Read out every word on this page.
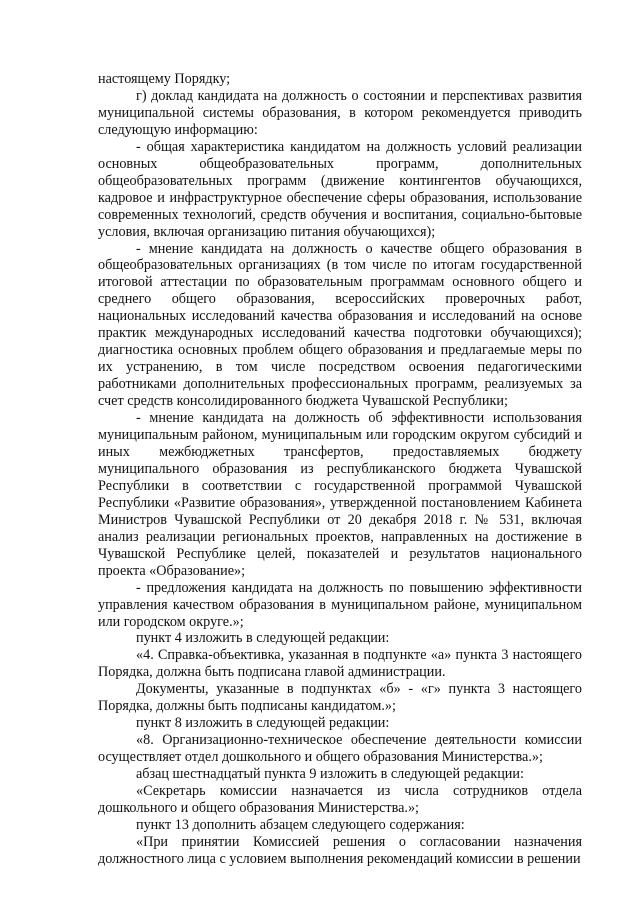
настоящему Порядку;

г) доклад кандидата на должность о состоянии и перспективах развития муниципальной системы образования, в котором рекомендуется приводить следующую информацию:

- общая характеристика кандидатом на должность условий реализации основных общеобразовательных программ, дополнительных общеобразовательных программ (движение контингентов обучающихся, кадровое и инфраструктурное обеспечение сферы образования, использование современных технологий, средств обучения и воспитания, социально-бытовые условия, включая организацию питания обучающихся);

- мнение кандидата на должность о качестве общего образования в общеобразовательных организациях (в том числе по итогам государственной итоговой аттестации по образовательным программам основного общего и среднего общего образования, всероссийских проверочных работ, национальных исследований качества образования и исследований на основе практик международных исследований качества подготовки обучающихся); диагностика основных проблем общего образования и предлагаемые меры по их устранению, в том числе посредством освоения педагогическими работниками дополнительных профессиональных программ, реализуемых за счет средств консолидированного бюджета Чувашской Республики;

- мнение кандидата на должность об эффективности использования муниципальным районом, муниципальным или городским округом субсидий и иных межбюджетных трансфертов, предоставляемых бюджету муниципального образования из республиканского бюджета Чувашской Республики в соответствии с государственной программой Чувашской Республики «Развитие образования», утвержденной постановлением Кабинета Министров Чувашской Республики от 20 декабря 2018 г. № 531, включая анализ реализации региональных проектов, направленных на достижение в Чувашской Республике целей, показателей и результатов национального проекта «Образование»;

- предложения кандидата на должность по повышению эффективности управления качеством образования в муниципальном районе, муниципальном или городском округе.»;

пункт 4 изложить в следующей редакции:

«4. Справка-объективка, указанная в подпункте «а» пункта 3 настоящего Порядка, должна быть подписана главой администрации.

Документы, указанные в подпунктах «б» - «г» пункта 3 настоящего Порядка, должны быть подписаны кандидатом.»;

пункт 8 изложить в следующей редакции:

«8. Организационно-техническое обеспечение деятельности комиссии осуществляет отдел дошкольного и общего образования Министерства.»;

абзац шестнадцатый пункта 9 изложить в следующей редакции:

«Секретарь комиссии назначается из числа сотрудников отдела дошкольного и общего образования Министерства.»;

пункт 13 дополнить абзацем следующего содержания:

«При принятии Комиссией решения о согласовании назначения должностного лица с условием выполнения рекомендаций комиссии в решении
